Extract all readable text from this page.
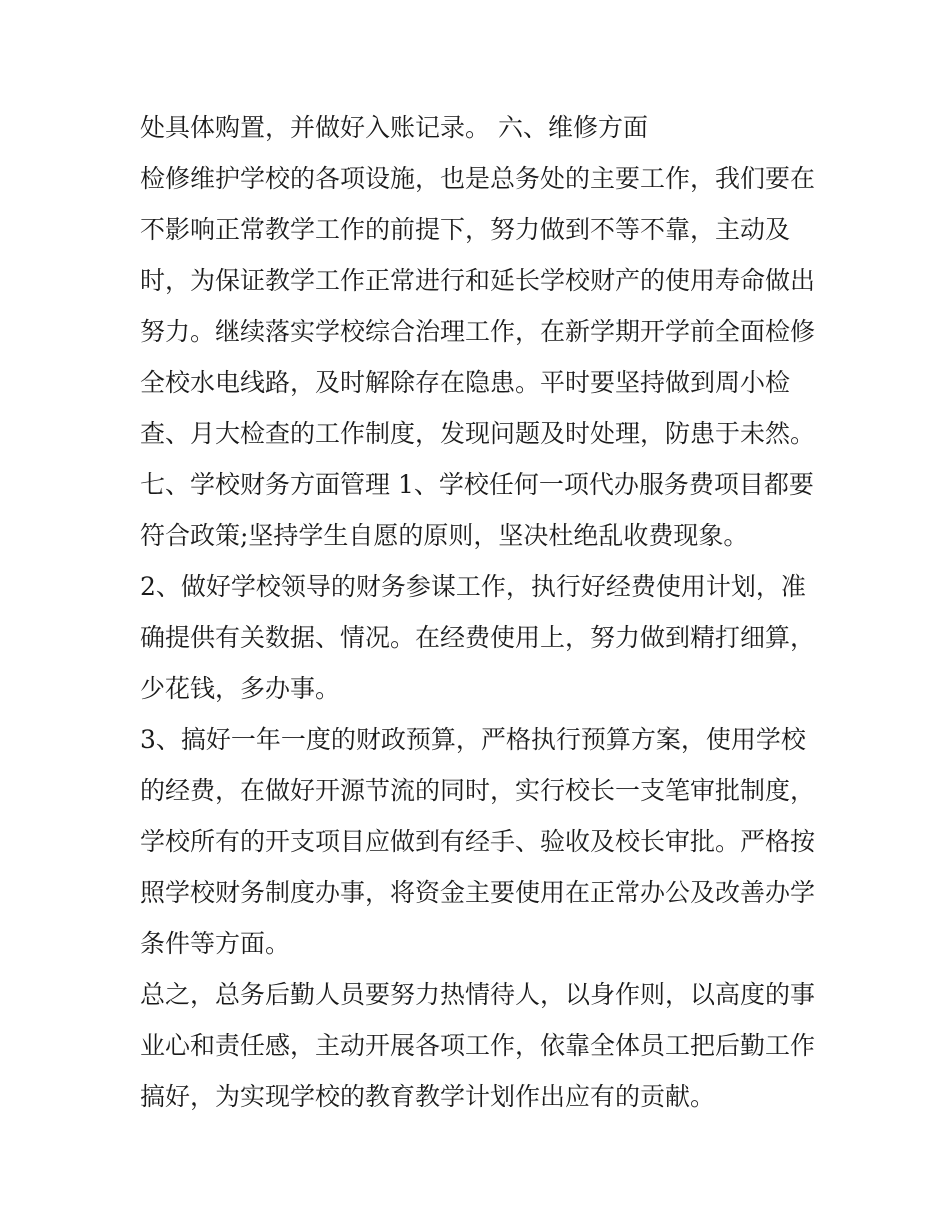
处具体购置，并做好入账记录。 六、维修方面
检修维护学校的各项设施，也是总务处的主要工作，我们要在
不影响正常教学工作的前提下，努力做到不等不靠，主动及
时，为保证教学工作正常进行和延长学校财产的使用寿命做出
努力。继续落实学校综合治理工作，在新学期开学前全面检修
全校水电线路，及时解除存在隐患。平时要坚持做到周小检
查、月大检查的工作制度，发现问题及时处理，防患于未然。
七、学校财务方面管理 1、学校任何一项代办服务费项目都要
符合政策;坚持学生自愿的原则，坚决杜绝乱收费现象。
2、做好学校领导的财务参谋工作，执行好经费使用计划，准
确提供有关数据、情况。在经费使用上，努力做到精打细算，
少花钱，多办事。
3、搞好一年一度的财政预算，严格执行预算方案，使用学校
的经费，在做好开源节流的同时，实行校长一支笔审批制度，
学校所有的开支项目应做到有经手、验收及校长审批。严格按
照学校财务制度办事，将资金主要使用在正常办公及改善办学
条件等方面。
总之，总务后勤人员要努力热情待人，以身作则，以高度的事
业心和责任感，主动开展各项工作，依靠全体员工把后勤工作
搞好，为实现学校的教育教学计划作出应有的贡献。
